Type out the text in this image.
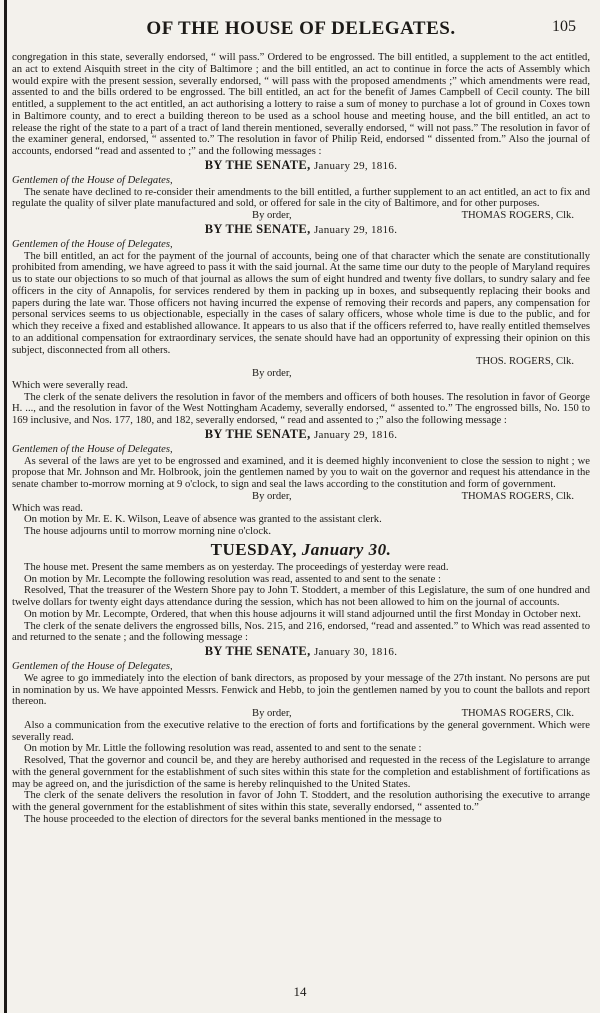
OF THE HOUSE OF DELEGATES.	105

congregation in this state, severally endorsed, “ will pass.” Ordered to be engrossed. The bill entitled, a supplement to the act entitled, an act to extend Aisquith street in the city of Baltimore ; and the bill entitled, an act to continue in force the acts of Assembly which would expire with the present session, severally endorsed, “ will pass with the proposed amendments ;” which amendments were read, assented to and the bills ordered to be engrossed. The bill entitled, an act for the benefit of James Campbell of Cecil county. The bill entitled, a supplement to the act entitled, an act authorising a lottery to raise a sum of money to purchase a lot of ground in Coxes town in Baltimore county, and to erect a building thereon to be used as a school house and meeting house, and the bill entitled, an act to release the right of the state to a part of a tract of land therein mentioned, severally endorsed, “ will not pass.” The resolution in favor of the examiner general, endorsed, “ assented to.” The resolution in favor of Philip Reid, endorsed “ dissented from.” Also the journal of accounts, endorsed “read and assented to ;” and the following messages :

BY THE SENATE, January 29, 1816.

Gentlemen of the House of Delegates,

The senate have declined to re-consider their amendments to the bill entitled, a further supplement to an act entitled, an act to fix and regulate the quality of silver plate manufactured and sold, or offered for sale in the city of Baltimore, and for other purposes.

By order,	THOMAS ROGERS, Clk.

BY THE SENATE, January 29, 1816.

Gentlemen of the House of Delegates,

The bill entitled, an act for the payment of the journal of accounts, being one of that character which the senate are constitutionally prohibited from amending, we have agreed to pass it with the said journal. At the same time our duty to the people of Maryland requires us to state our objections to so much of that journal as allows the sum of eight hundred and twenty five dollars, to sundry salary and fee officers in the city of Annapolis, for services rendered by them in packing up in boxes, and subsequently replacing their books and papers during the late war. Those officers not having incurred the expense of removing their records and papers, any compensation for personal services seems to us objectionable, especially in the cases of salary officers, whose whole time is due to the public, and for which they receive a fixed and established allowance. It appears to us also that if the officers referred to, have really entitled themselves to an additional compensation for extraordinary services, the senate should have had an opportunity of expressing their opinion on this subject, disconnected from all others.

THOS. ROGERS, Clk.

By order,

Which were severally read.

The clerk of the senate delivers the resolution in favor of the members and officers of both houses. The resolution in favor of George H. ..., and the resolution in favor of the West Nottingham Academy, severally endorsed, “ assented to.” The engrossed bills, No. 150 to 169 inclusive, and Nos. 177, 180, and 182, severally endorsed, “ read and assented to ;” also the following message :

BY THE SENATE, January 29, 1816.

Gentlemen of the House of Delegates,

As several of the laws are yet to be engrossed and examined, and it is deemed highly inconvenient to close the session to night ; we propose that Mr. Johnson and Mr. Holbrook, join the gentlemen named by you to wait on the governor and request his attendance in the senate chamber to-morrow morning at 9 o'clock, to sign and seal the laws according to the constitution and form of government.

By order,	THOMAS ROGERS, Clk.

Which was read.

On motion by Mr. E. K. Wilson, Leave of absence was granted to the assistant clerk.

The house adjourns until to morrow morning nine o'clock.

TUESDAY, January 30.

The house met. Present the same members as on yesterday. The proceedings of yesterday were read.

On motion by Mr. Lecompte the following resolution was read, assented to and sent to the senate :

Resolved, That the treasurer of the Western Shore pay to John T. Stoddert, a member of this Legislature, the sum of one hundred and twelve dollars for twenty eight days attendance during the session, which has not been allowed to him on the journal of accounts.

On motion by Mr. Lecompte, Ordered, that when this house adjourns it will stand adjourned until the first Monday in October next.

The clerk of the senate delivers the engrossed bills, Nos. 215, and 216, endorsed, “read and assented.” to Which was read assented to and returned to the senate ; and the following message :

BY THE SENATE, January 30, 1816.

Gentlemen of the House of Delegates,

We agree to go immediately into the election of bank directors, as proposed by your message of the 27th instant. No persons are put in nomination by us. We have appointed Messrs. Fenwick and Hebb, to join the gentlemen named by you to count the ballots and report thereon.

By order,	THOMAS ROGERS, Clk.

Also a communication from the executive relative to the erection of forts and fortifications by the general government. Which were severally read.

On motion by Mr. Little the following resolution was read, assented to and sent to the senate :

Resolved, That the governor and council be, and they are hereby authorised and requested in the recess of the Legislature to arrange with the general government for the establishment of such sites within this state for the completion and establishment of fortifications as may be agreed on, and the jurisdiction of the same is hereby relinquished to the United States.

The clerk of the senate delivers the resolution in favor of John T. Stoddert, and the resolution authorising the executive to arrange with the general government for the establishment of sites within this state, severally endorsed, “ assented to.”

The house proceeded to the election of directors for the several banks mentioned in the message to

14
